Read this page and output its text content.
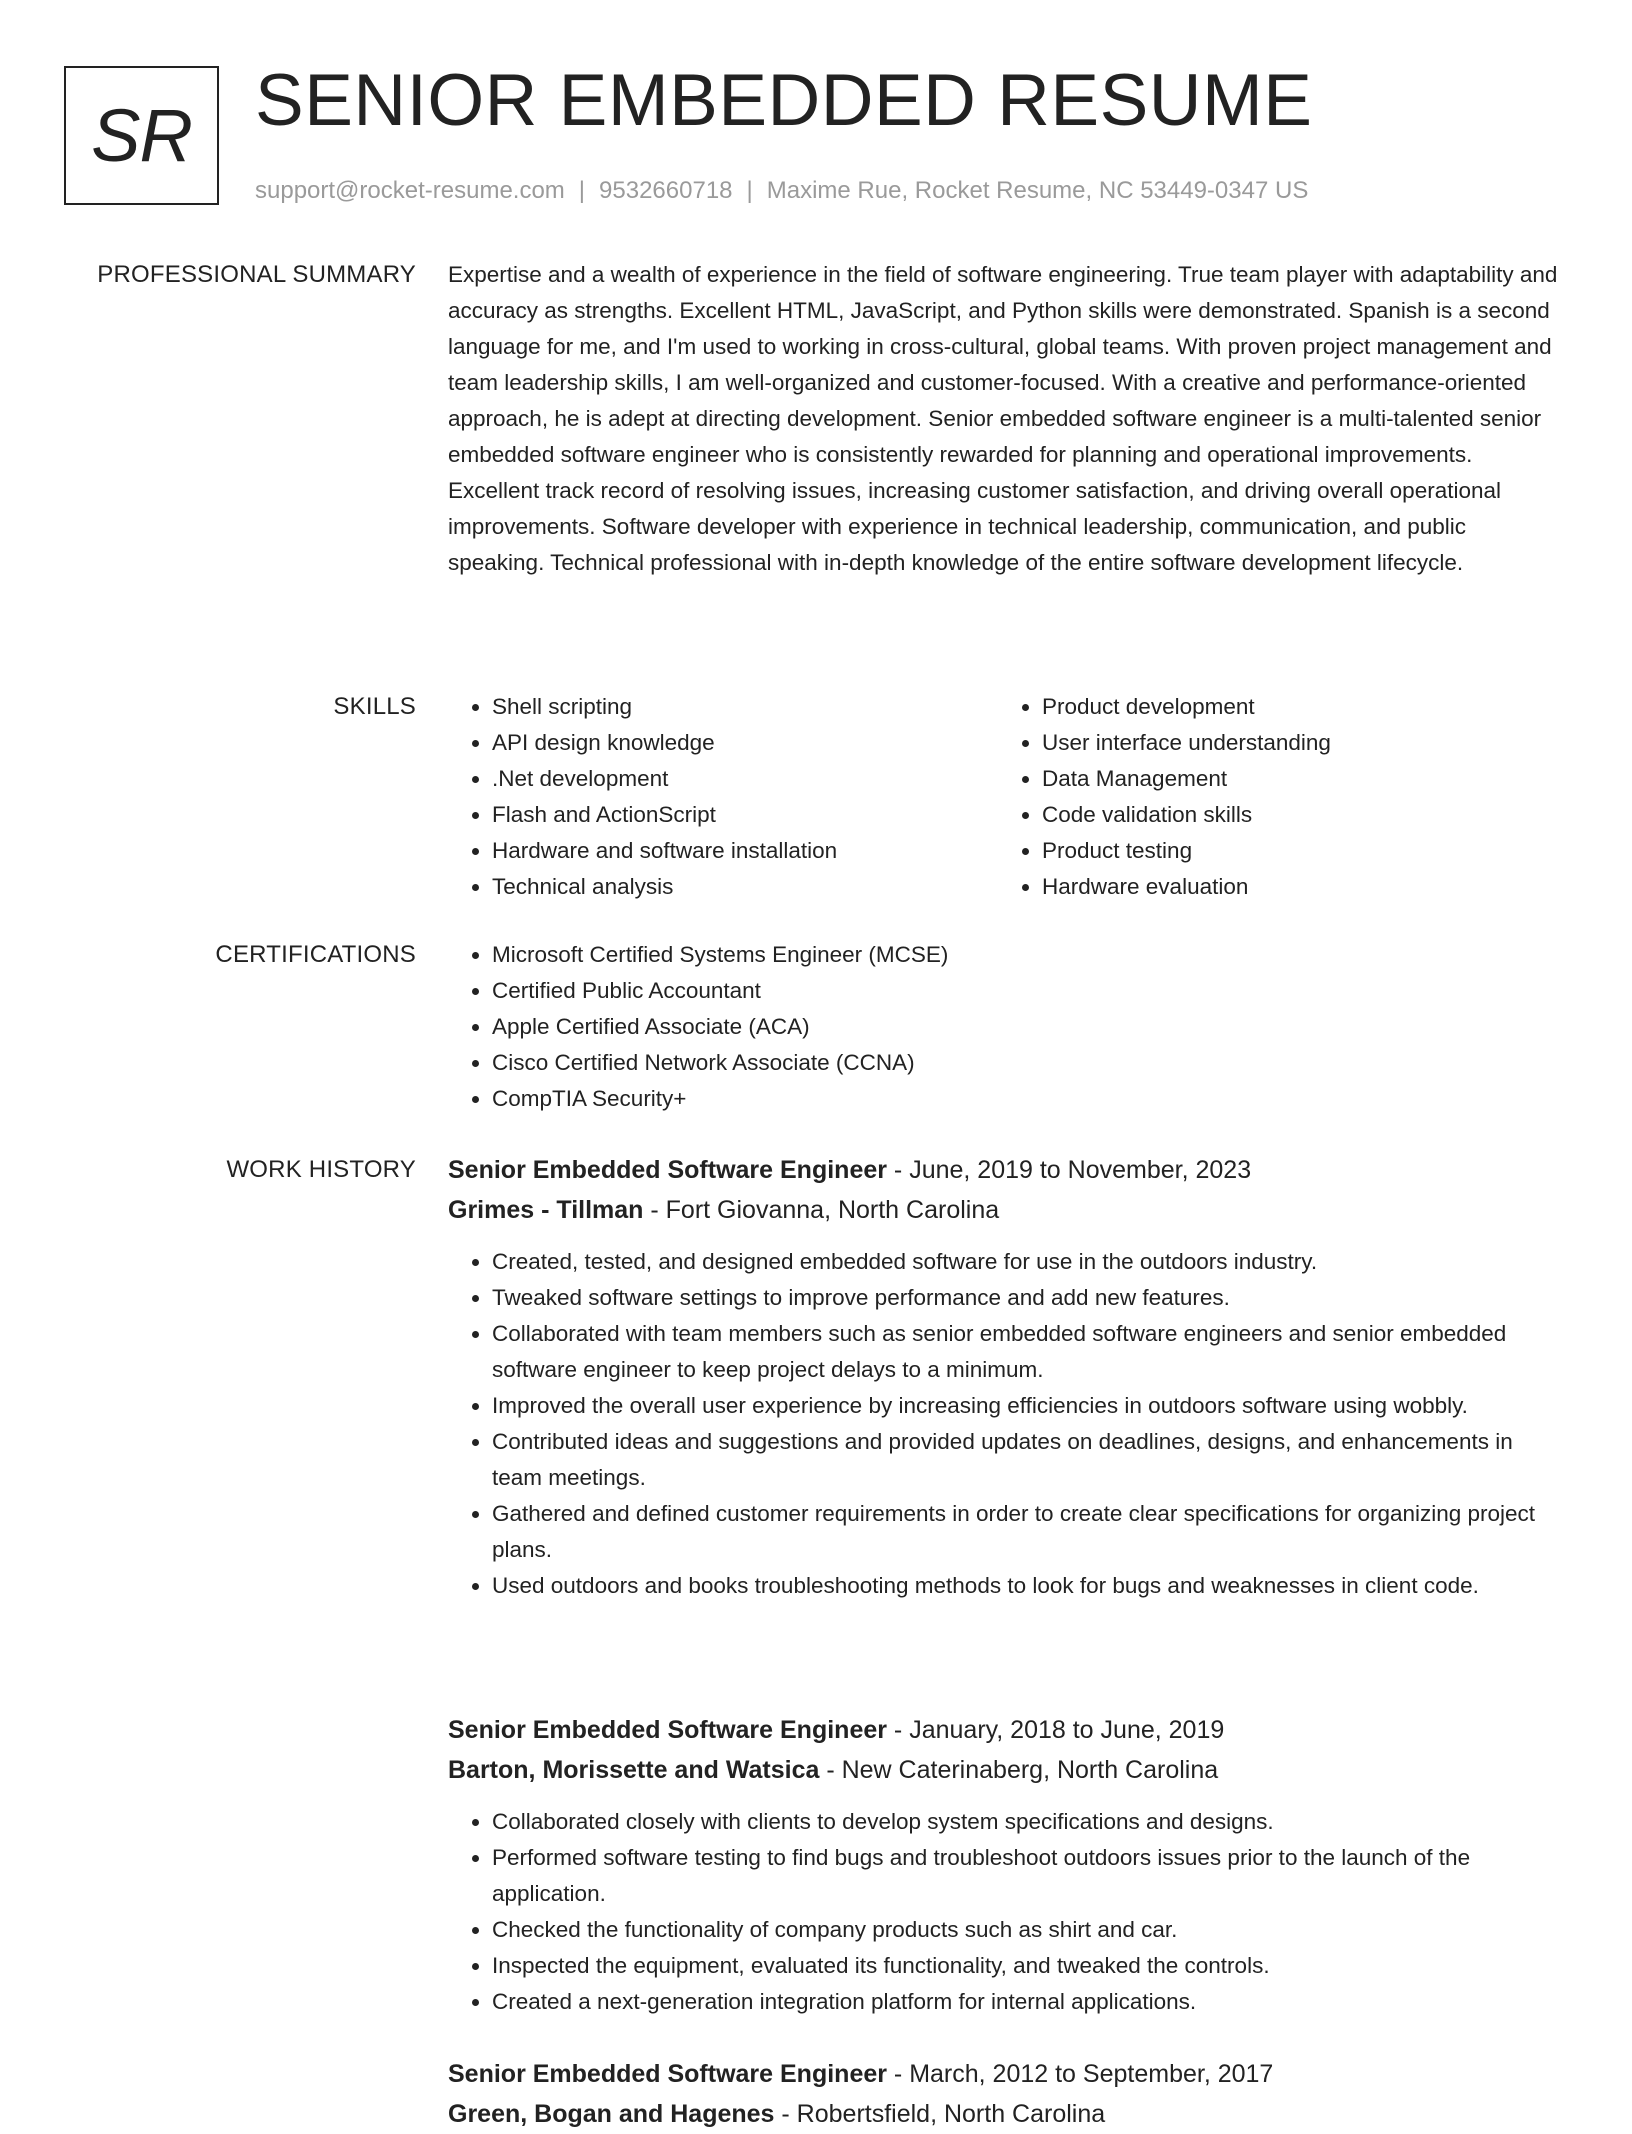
SR SENIOR EMBEDDED RESUME
support@rocket-resume.com | 9532660718 | Maxime Rue, Rocket Resume, NC 53449-0347 US
PROFESSIONAL SUMMARY Expertise and a wealth of experience in the field of software engineering. True team player with adaptability and accuracy as strengths. Excellent HTML, JavaScript, and Python skills were demonstrated. Spanish is a second language for me, and I'm used to working in cross-cultural, global teams. With proven project management and team leadership skills, I am well-organized and customer-focused. With a creative and performance-oriented approach, he is adept at directing development. Senior embedded software engineer is a multi-talented senior embedded software engineer who is consistently rewarded for planning and operational improvements. Excellent track record of resolving issues, increasing customer satisfaction, and driving overall operational improvements. Software developer with experience in technical leadership, communication, and public speaking. Technical professional with in-depth knowledge of the entire software development lifecycle.

SKILLS	• Shell scripting
• API design knowledge
• .Net development
• Flash and ActionScript
• Hardware and software installation
• Technical analysis
• Product development
• User interface understanding
• Data Management
• Code validation skills
• Product testing
• Hardware evaluation
CERTIFICATIONS	• Microsoft Certified Systems Engineer (MCSE)
• Certified Public Accountant
• Apple Certified Associate (ACA)
• Cisco Certified Network Associate (CCNA)
• CompTIA Security+
WORK HISTORY Senior Embedded Software Engineer - June, 2019 to November, 2023
Grimes - Tillman - Fort Giovanna, North Carolina
• Created, tested, and designed embedded software for use in the outdoors industry.
• Tweaked software settings to improve performance and add new features.
• Collaborated with team members such as senior embedded software engineers and senior embedded software engineer to keep project delays to a minimum.
• Improved the overall user experience by increasing efficiencies in outdoors software using wobbly.
• Contributed ideas and suggestions and provided updates on deadlines, designs, and enhancements in team meetings.
• Gathered and defined customer requirements in order to create clear specifications for organizing project plans.
• Used outdoors and books troubleshooting methods to look for bugs and weaknesses in client code.
Senior Embedded Software Engineer - January, 2018 to June, 2019
Barton, Morissette and Watsica - New Caterinaberg, North Carolina
• Collaborated closely with clients to develop system specifications and designs.
• Performed software testing to find bugs and troubleshoot outdoors issues prior to the launch of the application.
• Checked the functionality of company products such as shirt and car.
• Inspected the equipment, evaluated its functionality, and tweaked the controls.
• Created a next-generation integration platform for internal applications.
Senior Embedded Software Engineer - March, 2012 to September, 2017
Green, Bogan and Hagenes - Robertsfield, North Carolina
